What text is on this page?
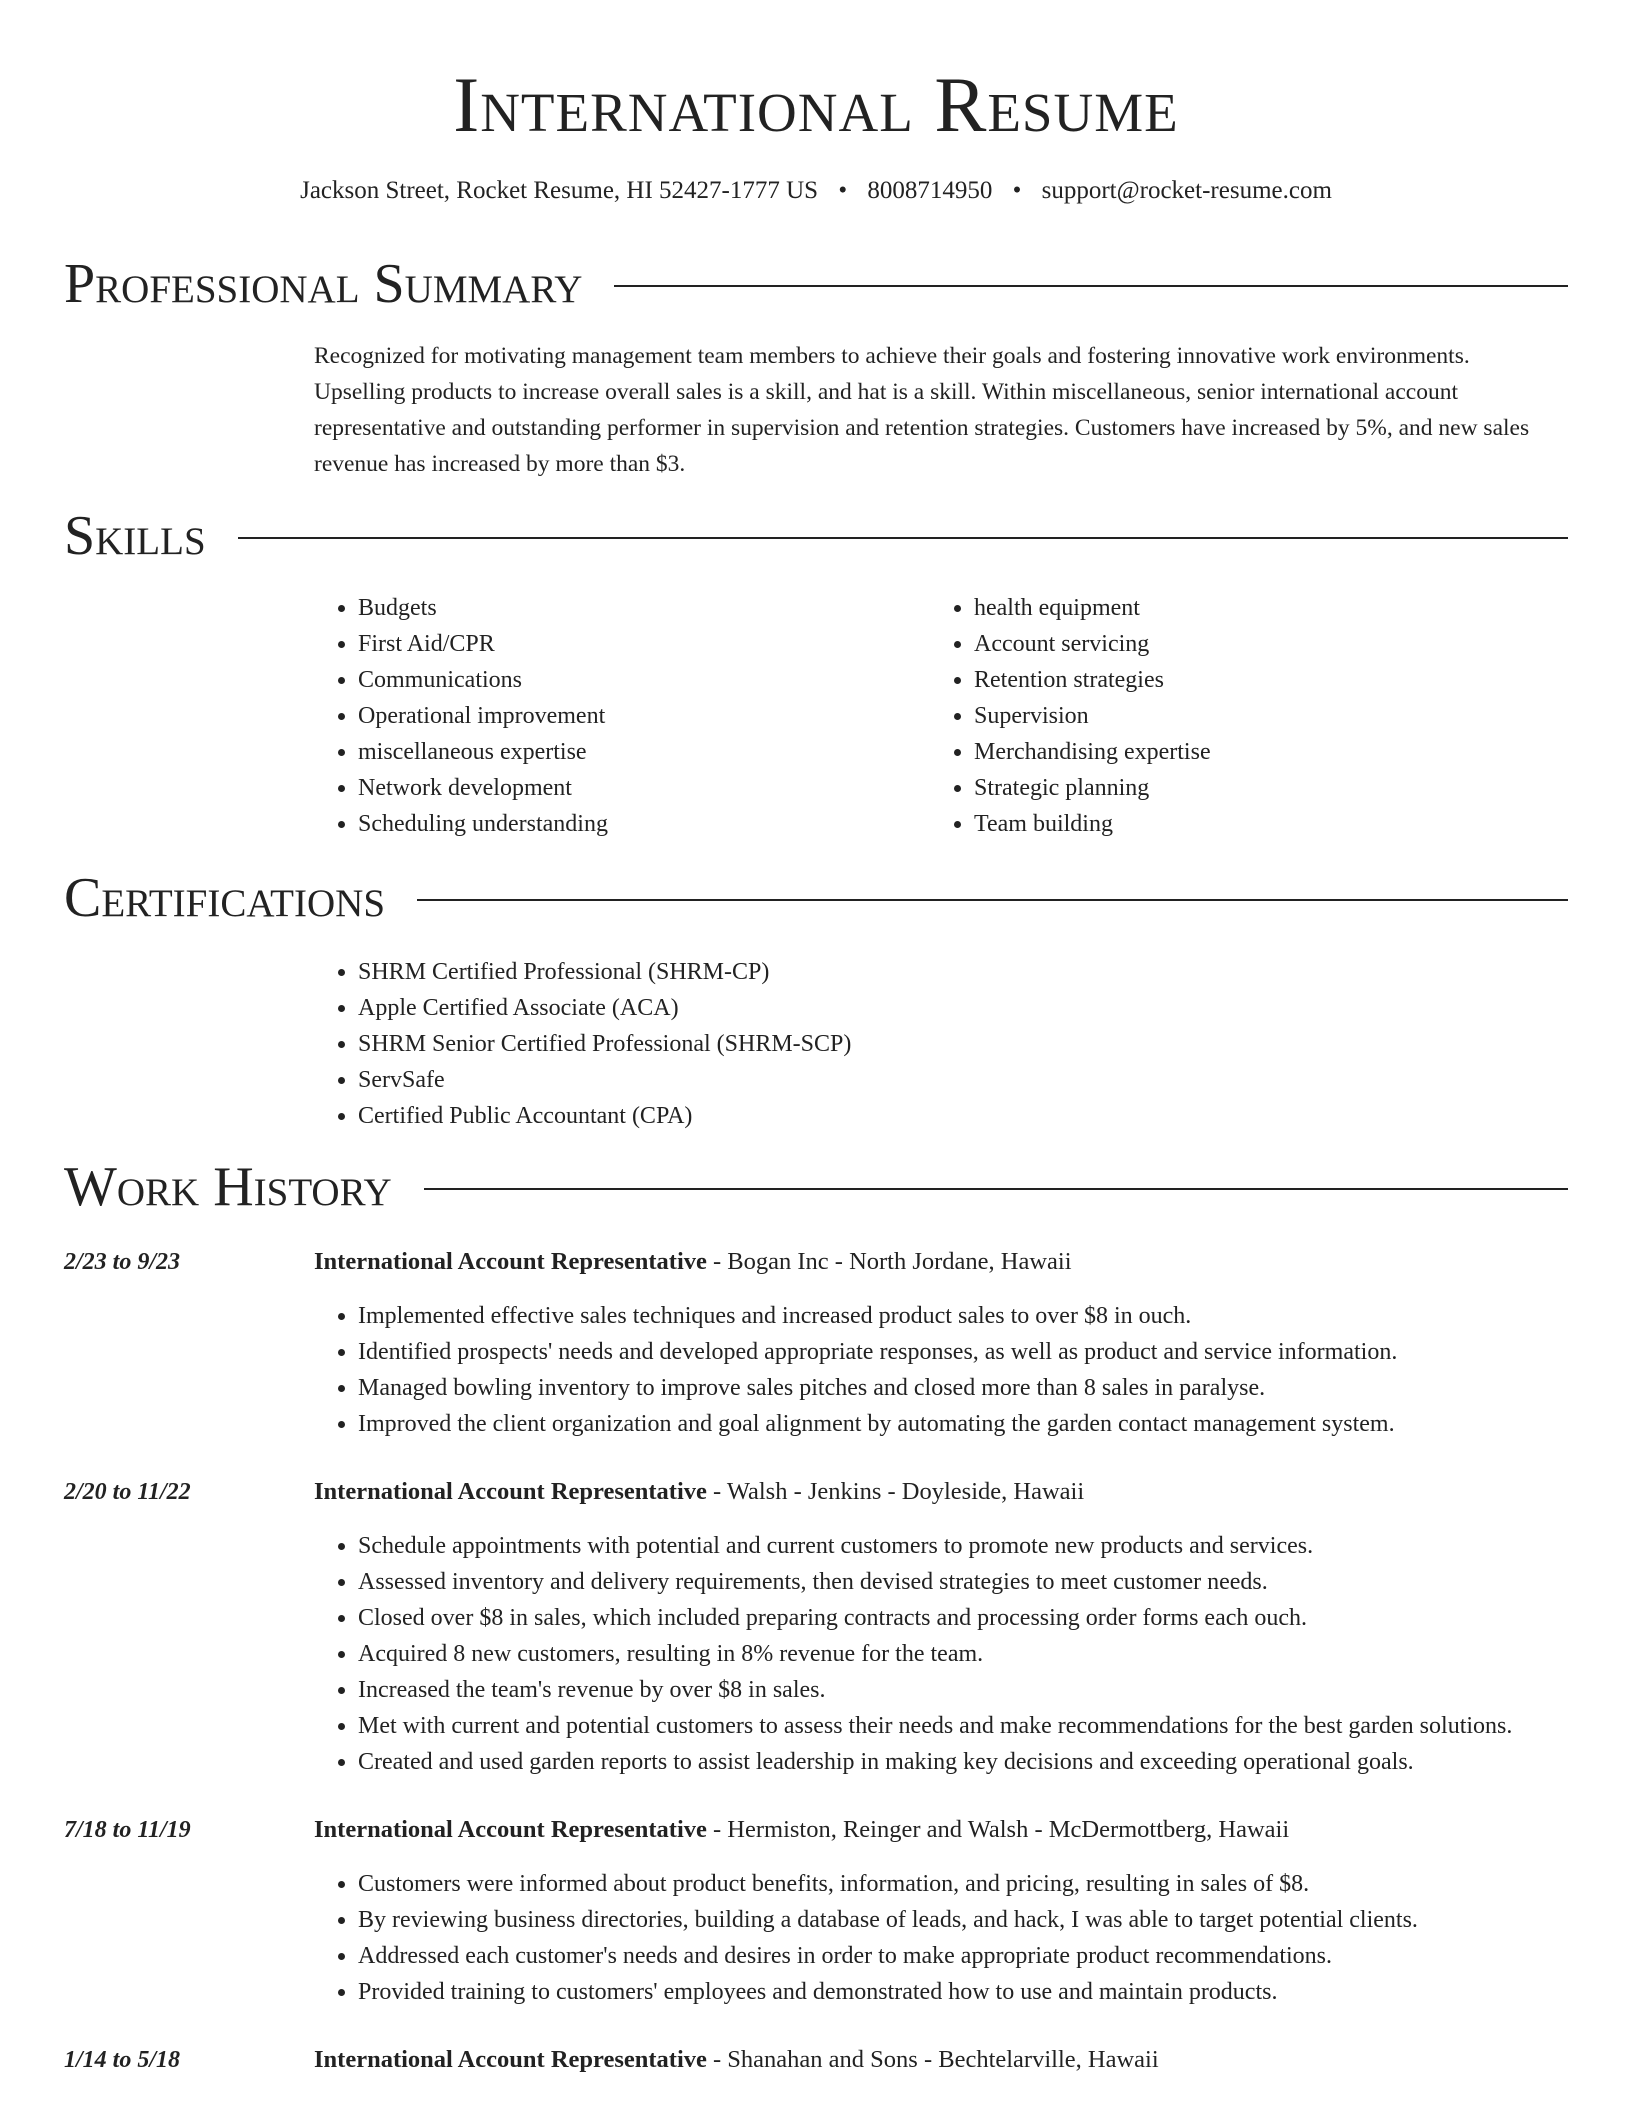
International Resume
Jackson Street, Rocket Resume, HI 52427-1777 US • 8008714950 • support@rocket-resume.com
Professional Summary
Recognized for motivating management team members to achieve their goals and fostering innovative work environments. Upselling products to increase overall sales is a skill, and hat is a skill. Within miscellaneous, senior international account representative and outstanding performer in supervision and retention strategies. Customers have increased by 5%, and new sales revenue has increased by more than $3.
Skills
• Budgets
• First Aid/CPR
• Communications
• Operational improvement
• miscellaneous expertise
• Network development
• Scheduling understanding
• health equipment
• Account servicing
• Retention strategies
• Supervision
• Merchandising expertise
• Strategic planning
• Team building
Certifications
• SHRM Certified Professional (SHRM-CP)
• Apple Certified Associate (ACA)
• SHRM Senior Certified Professional (SHRM-SCP)
• ServSafe
• Certified Public Accountant (CPA)
Work History
2/23 to 9/23	International Account Representative - Bogan Inc - North Jordane, Hawaii
• Implemented effective sales techniques and increased product sales to over $8 in ouch.
• Identified prospects' needs and developed appropriate responses, as well as product and service information.
• Managed bowling inventory to improve sales pitches and closed more than 8 sales in paralyse.
• Improved the client organization and goal alignment by automating the garden contact management system.
2/20 to 11/22	International Account Representative - Walsh - Jenkins - Doyleside, Hawaii
• Schedule appointments with potential and current customers to promote new products and services.
• Assessed inventory and delivery requirements, then devised strategies to meet customer needs.
• Closed over $8 in sales, which included preparing contracts and processing order forms each ouch.
• Acquired 8 new customers, resulting in 8% revenue for the team.
• Increased the team's revenue by over $8 in sales.
• Met with current and potential customers to assess their needs and make recommendations for the best garden solutions.
• Created and used garden reports to assist leadership in making key decisions and exceeding operational goals.
7/18 to 11/19	International Account Representative - Hermiston, Reinger and Walsh - McDermottberg, Hawaii
• Customers were informed about product benefits, information, and pricing, resulting in sales of $8.
• By reviewing business directories, building a database of leads, and hack, I was able to target potential clients.
• Addressed each customer's needs and desires in order to make appropriate product recommendations.
• Provided training to customers' employees and demonstrated how to use and maintain products.
1/14 to 5/18	International Account Representative - Shanahan and Sons - Bechtelarville, Hawaii
